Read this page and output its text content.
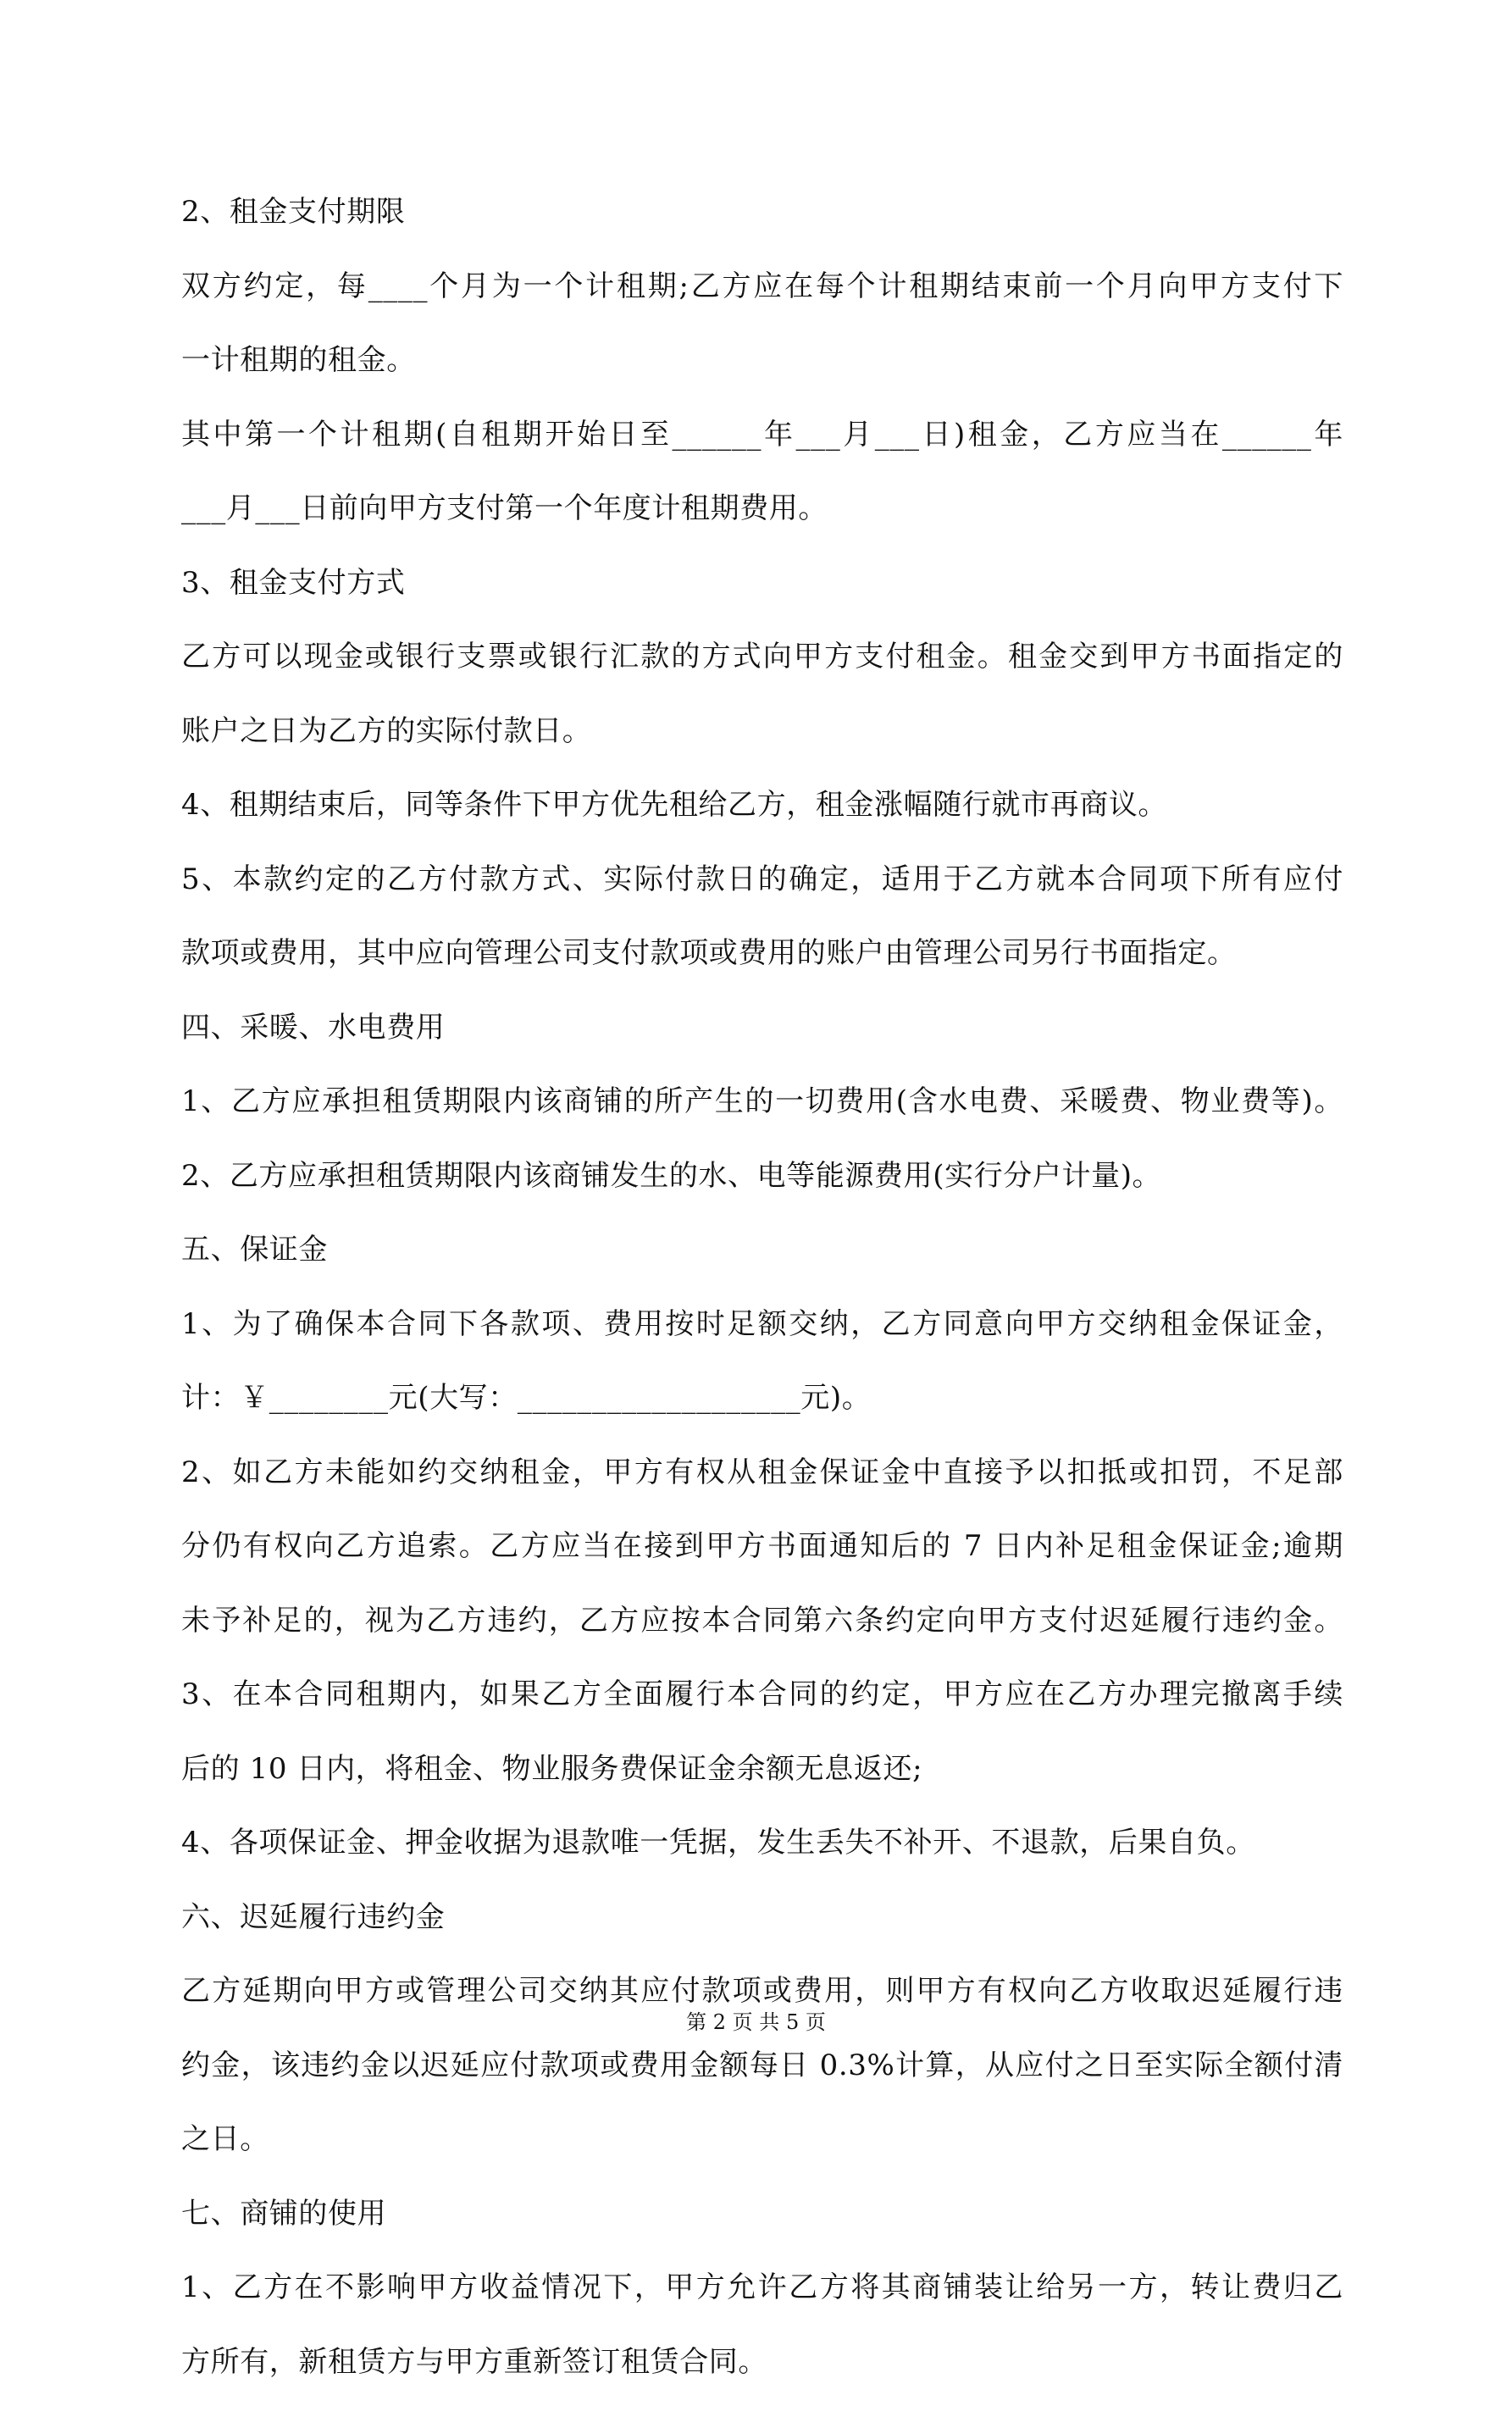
2、租金支付期限
双方约定，每____个月为一个计租期;乙方应在每个计租期结束前一个月向甲方支付下
一计租期的租金。
其中第一个计租期(自租期开始日至______年___月___日)租金，乙方应当在______年
___月___日前向甲方支付第一个年度计租期费用。
3、租金支付方式
乙方可以现金或银行支票或银行汇款的方式向甲方支付租金。租金交到甲方书面指定的
账户之日为乙方的实际付款日。
4、租期结束后，同等条件下甲方优先租给乙方，租金涨幅随行就市再商议。
5、本款约定的乙方付款方式、实际付款日的确定，适用于乙方就本合同项下所有应付
款项或费用，其中应向管理公司支付款项或费用的账户由管理公司另行书面指定。
四、采暖、水电费用
1、乙方应承担租赁期限内该商铺的所产生的一切费用(含水电费、采暖费、物业费等)。
2、乙方应承担租赁期限内该商铺发生的水、电等能源费用(实行分户计量)。
五、保证金
1、为了确保本合同下各款项、费用按时足额交纳，乙方同意向甲方交纳租金保证金，
计：￥________元(大写：___________________元)。
2、如乙方未能如约交纳租金，甲方有权从租金保证金中直接予以扣抵或扣罚，不足部
分仍有权向乙方追索。乙方应当在接到甲方书面通知后的 7 日内补足租金保证金;逾期
未予补足的，视为乙方违约，乙方应按本合同第六条约定向甲方支付迟延履行违约金。
3、在本合同租期内，如果乙方全面履行本合同的约定，甲方应在乙方办理完撤离手续
后的 10 日内，将租金、物业服务费保证金余额无息返还;
4、各项保证金、押金收据为退款唯一凭据，发生丢失不补开、不退款，后果自负。
六、迟延履行违约金
乙方延期向甲方或管理公司交纳其应付款项或费用，则甲方有权向乙方收取迟延履行违
约金，该违约金以迟延应付款项或费用金额每日 0.3%计算，从应付之日至实际全额付清
之日。
七、商铺的使用
1、乙方在不影响甲方收益情况下，甲方允许乙方将其商铺装让给另一方，转让费归乙
方所有，新租赁方与甲方重新签订租赁合同。
第 2 页 共 5 页
